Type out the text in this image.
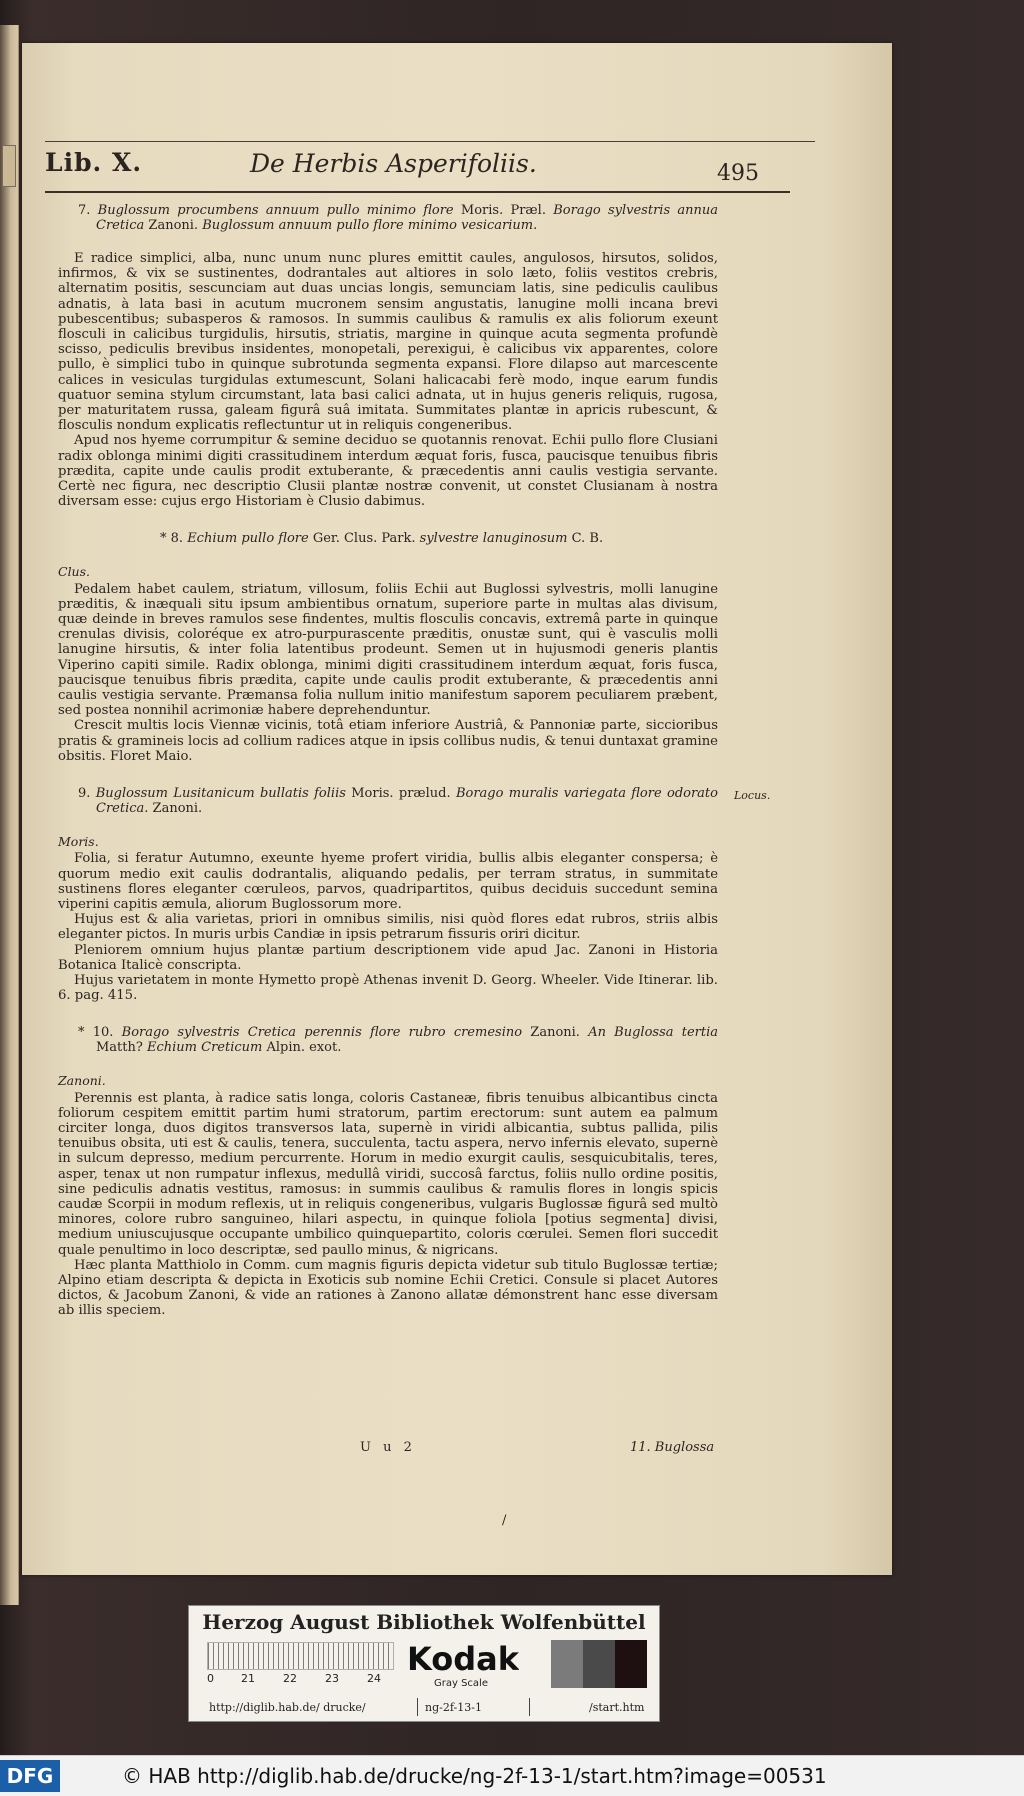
Lib. X.	De Herbis Asperifoliis.	495
7. Buglossum procumbens annuum pullo minimo flore Moris. Præl. Borago sylvestris annua Cretica Zanoni. Buglossum annuum pullo flore minimo vesicarium.

E radice simplici, alba, nunc unum nunc plures emittit caules, angulosos, hirsutos, solidos, infirmos, & vix se sustinentes, dodrantales aut altiores in solo læto, foliis vestitos crebris, alternatim positis, sescunciam aut duas uncias longis, semunciam latis, sine pediculis caulibus adnatis, à lata basi in acutum mucronem sensim angustatis, lanugine molli incana brevi pubescentibus; subasperos & ramosos. In summis caulibus & ramulis ex alis foliorum exeunt flosculi in calicibus turgidulis, hirsutis, striatis, margine in quinque acuta segmenta profundè scisso, pediculis brevibus insidentes, monopetali, perexigui, è calicibus vix apparentes, colore pullo, è simplici tubo in quinque subrotunda segmenta expansi. Flore dilapso aut marcescente calices in vesiculas turgidulas extumescunt, Solani halicacabi ferè modo, inque earum fundis quatuor semina stylum circumstant, lata basi calici adnata, ut in hujus generis reliquis, rugosa, per maturitatem russa, galeam figurâ suâ imitata. Summitates plantæ in apricis rubescunt, & flosculis nondum explicatis reflectuntur ut in reliquis congeneribus.

Apud nos hyeme corrumpitur & semine deciduo se quotannis renovat. Echii pullo flore Clusiani radix oblonga minimi digiti crassitudinem interdum æquat foris, fusca, paucisque tenuibus fibris prædita, capite unde caulis prodit extuberante, & præcedentis anni caulis vestigia servante. Certè nec figura, nec descriptio Clusii plantæ nostræ convenit, ut constet Clusianam à nostra diversam esse: cujus ergo Historiam è Clusio dabimus.

* 8. Echium pullo flore Ger. Clus. Park. sylvestre lanuginosum C. B.
Clus.

Pedalem habet caulem, striatum, villosum, foliis Echii aut Buglossi sylvestris, molli lanugine præditis, & inæquali situ ipsum ambientibus ornatum, superiore parte in multas alas divisum, quæ deinde in breves ramulos sese findentes, multis flosculis concavis, extremâ parte in quinque crenulas divisis, coloréque ex atro-purpurascente præditis, onustæ sunt, qui è vasculis molli lanugine hirsutis, & inter folia latentibus prodeunt. Semen ut in hujusmodi generis plantis Viperino capiti simile. Radix oblonga, minimi digiti crassitudinem interdum æquat, foris fusca, paucisque tenuibus fibris prædita, capite unde caulis prodit extuberante, & præcedentis anni caulis vestigia servante. Præmansa folia nullum initio manifestum saporem peculiarem præbent, sed postea nonnihil acrimoniæ habere deprehenduntur.

Crescit multis locis Viennæ vicinis, totâ etiam inferiore Austriâ, & Pannoniæ parte, siccioribus pratis & gramineis locis ad collium radices atque in ipsis collibus nudis, & tenui duntaxat gramine obsitis. Floret Maio.

9. Buglossum Lusitanicum bullatis foliis Moris. prælud. Borago muralis variegata flore odorato Cretica. Zanoni.
Moris.

Folia, si feratur Autumno, exeunte hyeme profert viridia, bullis albis eleganter conspersa; è quorum medio exit caulis dodrantalis, aliquando pedalis, per terram stratus, in summitate sustinens flores eleganter cœruleos, parvos, quadripartitos, quibus deciduis succedunt semina viperini capitis æmula, aliorum Buglossorum more.

Hujus est & alia varietas, priori in omnibus similis, nisi quòd flores edat rubros, striis albis eleganter pictos. In muris urbis Candiæ in ipsis petrarum fissuris oriri dicitur.

Pleniorem omnium hujus plantæ partium descriptionem vide apud Jac. Zanoni in Historia Botanica Italicè conscripta.

Hujus varietatem in monte Hymetto propè Athenas invenit D. Georg. Wheeler. Vide Itinerar. lib. 6. pag. 415.

* 10. Borago sylvestris Cretica perennis flore rubro cremesino Zanoni. An Buglossa tertia Matth? Echium Creticum Alpin. exot.
Zanoni.

Perennis est planta, à radice satis longa, coloris Castaneæ, fibris tenuibus albicantibus cincta foliorum cespitem emittit partim humi stratorum, partim erectorum: sunt autem ea palmum circiter longa, duos digitos transversos lata, supernè in viridi albicantia, subtus pallida, pilis tenuibus obsita, uti est & caulis, tenera, succulenta, tactu aspera, nervo infernis elevato, supernè in sulcum depresso, medium percurrente. Horum in medio exurgit caulis, sesquicubitalis, teres, asper, tenax ut non rumpatur inflexus, medullâ viridi, succosâ farctus, foliis nullo ordine positis, sine pediculis adnatis vestitus, ramosus: in summis caulibus & ramulis flores in longis spicis caudæ Scorpii in modum reflexis, ut in reliquis congeneribus, vulgaris Buglossæ figurâ sed multò minores, colore rubro sanguineo, hilari aspectu, in quinque foliola [potius segmenta] divisi, medium uniuscujusque occupante umbilico quinquepartito, coloris cœrulei. Semen flori succedit quale penultimo in loco descriptæ, sed paullo minus, & nigricans.

Hæc planta Matthiolo in Comm. cum magnis figuris depicta videtur sub titulo Buglossæ tertiæ; Alpino etiam descripta & depicta in Exoticis sub nomine Echii Cretici. Consule si placet Autores dictos, & Jacobum Zanoni, & vide an rationes à Zanono allatæ démonstrent hanc esse diversam ab illis speciem.

Locus.
U u 2	11. Buglossa
/
Herzog August Bibliothek Wolfenbüttel
0 21	22	23	24
Kodak
Gray Scale
http://diglib.hab.de/ drucke/	ng-2f-13-1	/start.htm
DFG	© HAB http://diglib.hab.de/drucke/ng-2f-13-1/start.htm?image=00531
